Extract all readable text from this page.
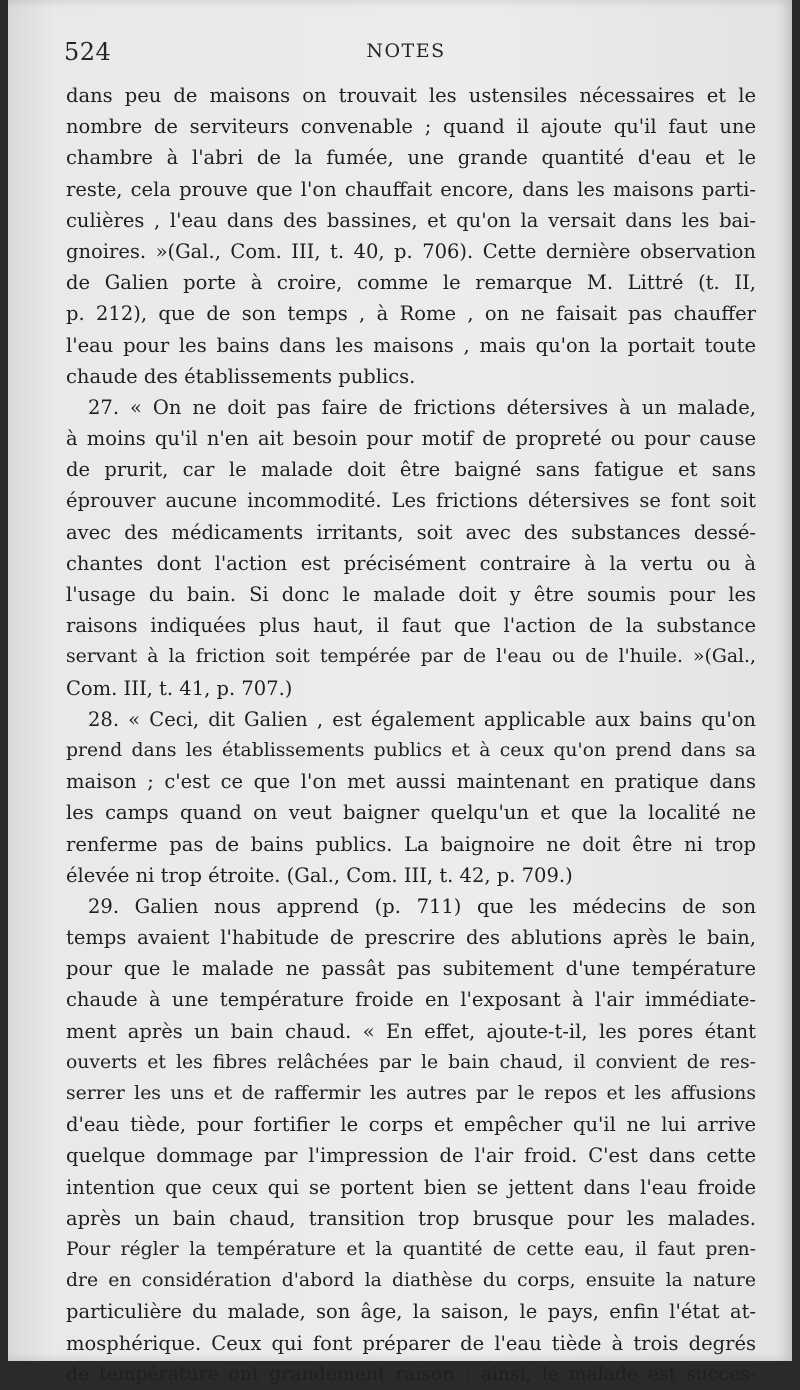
524	NOTES
dans peu de maisons on trouvait les ustensiles nécessaires et le
nombre de serviteurs convenable ; quand il ajoute qu'il faut une
chambre à l'abri de la fumée, une grande quantité d'eau et le
reste, cela prouve que l'on chauffait encore, dans les maisons parti-
culières , l'eau dans des bassines, et qu'on la versait dans les bai-
gnoires. »(Gal., Com. III, t. 40, p. 706). Cette dernière observation
de Galien porte à croire, comme le remarque M. Littré (t. II,
p. 212), que de son temps , à Rome , on ne faisait pas chauffer
l'eau pour les bains dans les maisons , mais qu'on la portait toute
chaude des établissements publics.
27. « On ne doit pas faire de frictions détersives à un malade,
à moins qu'il n'en ait besoin pour motif de propreté ou pour cause
de prurit, car le malade doit être baigné sans fatigue et sans
éprouver aucune incommodité. Les frictions détersives se font soit
avec des médicaments irritants, soit avec des substances dessé-
chantes dont l'action est précisément contraire à la vertu ou à
l'usage du bain. Si donc le malade doit y être soumis pour les
raisons indiquées plus haut, il faut que l'action de la substance
servant à la friction soit tempérée par de l'eau ou de l'huile. »(Gal.,
Com. III, t. 41, p. 707.)
28. « Ceci, dit Galien , est également applicable aux bains qu'on
prend dans les établissements publics et à ceux qu'on prend dans sa
maison ; c'est ce que l'on met aussi maintenant en pratique dans
les camps quand on veut baigner quelqu'un et que la localité ne
renferme pas de bains publics. La baignoire ne doit être ni trop
élevée ni trop étroite. (Gal., Com. III, t. 42, p. 709.)
29. Galien nous apprend (p. 711) que les médecins de son
temps avaient l'habitude de prescrire des ablutions après le bain,
pour que le malade ne passât pas subitement d'une température
chaude à une température froide en l'exposant à l'air immédiate-
ment après un bain chaud. « En effet, ajoute-t-il, les pores étant
ouverts et les fibres relâchées par le bain chaud, il convient de res-
serrer les uns et de raffermir les autres par le repos et les affusions
d'eau tiède, pour fortifier le corps et empêcher qu'il ne lui arrive
quelque dommage par l'impression de l'air froid. C'est dans cette
intention que ceux qui se portent bien se jettent dans l'eau froide
après un bain chaud, transition trop brusque pour les malades.
Pour régler la température et la quantité de cette eau, il faut pren-
dre en considération d'abord la diathèse du corps, ensuite la nature
particulière du malade, son âge, la saison, le pays, enfin l'état at-
mosphérique. Ceux qui font préparer de l'eau tiède à trois degrés
de température ont grandement raison : ainsi, le malade est succes-
